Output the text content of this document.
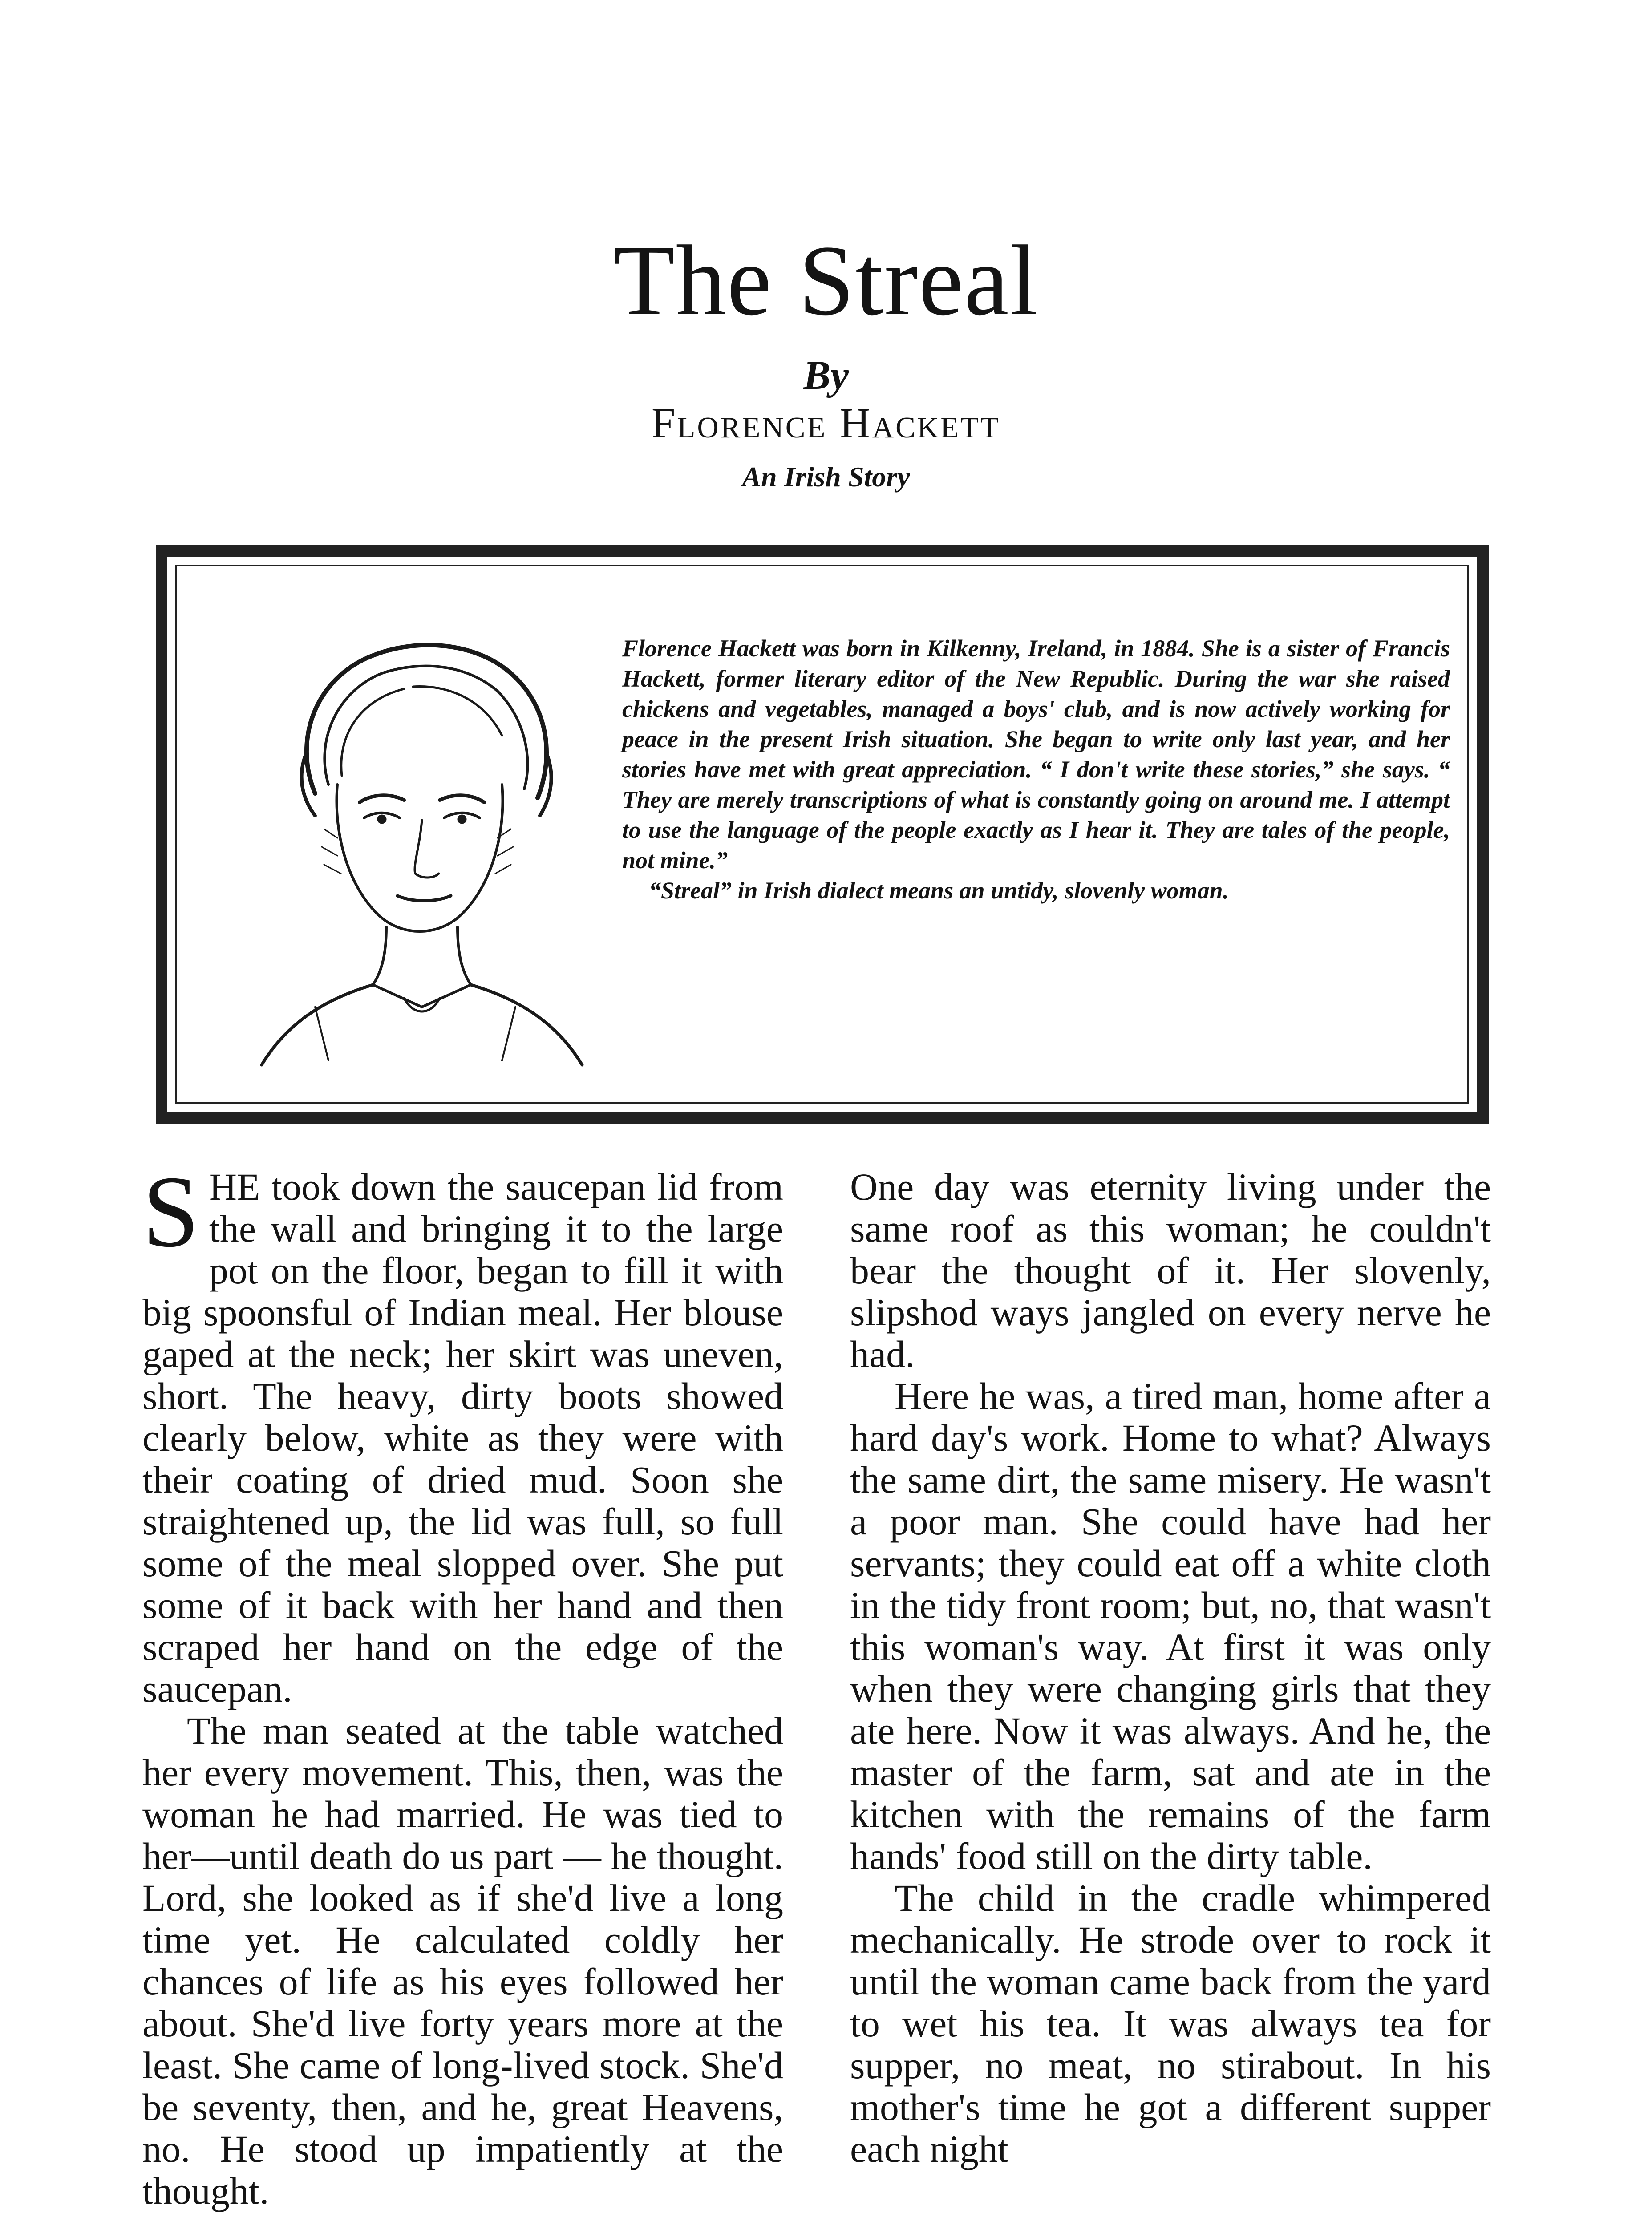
The Streal
By
Florence Hackett
An Irish Story

Florence Hackett was born in Kilkenny, Ireland, in 1884. She is a sister of Francis Hackett, former literary editor of the New Republic. During the war she raised chickens and vegetables, managed a boys' club, and is now actively working for peace in the present Irish situation. She began to write only last year, and her stories have met with great appreciation. “ I don't write these stories,” she says. “ They are merely transcriptions of what is constantly going on around me. I attempt to use the language of the people exactly as I hear it. They are tales of the people, not mine.”

“Streal” in Irish dialect means an untidy, slovenly woman.

SHE took down the saucepan lid from the wall and bringing it to the large pot on the floor, began to fill it with big spoonsful of Indian meal. Her blouse gaped at the neck; her skirt was uneven, short. The heavy, dirty boots showed clearly below, white as they were with their coating of dried mud. Soon she straightened up, the lid was full, so full some of the meal slopped over. She put some of it back with her hand and then scraped her hand on the edge of the saucepan.

The man seated at the table watched her every movement. This, then, was the woman he had married. He was tied to her—until death do us part — he thought. Lord, she looked as if she'd live a long time yet. He calculated coldly her chances of life as his eyes followed her about. She'd live forty years more at the least. She came of long-lived stock. She'd be seventy, then, and he, great Heavens, no. He stood up impatiently at the thought.

One day was eternity living under the same roof as this woman; he couldn't bear the thought of it. Her slovenly, slipshod ways jangled on every nerve he had.

Here he was, a tired man, home after a hard day's work. Home to what? Always the same dirt, the same misery. He wasn't a poor man. She could have had her servants; they could eat off a white cloth in the tidy front room; but, no, that wasn't this woman's way. At first it was only when they were changing girls that they ate here. Now it was always. And he, the master of the farm, sat and ate in the kitchen with the remains of the farm hands' food still on the dirty table.

The child in the cradle whimpered mechanically. He strode over to rock it until the woman came back from the yard to wet his tea. It was always tea for supper, no meat, no stirabout. In his mother's time he got a different supper each night
